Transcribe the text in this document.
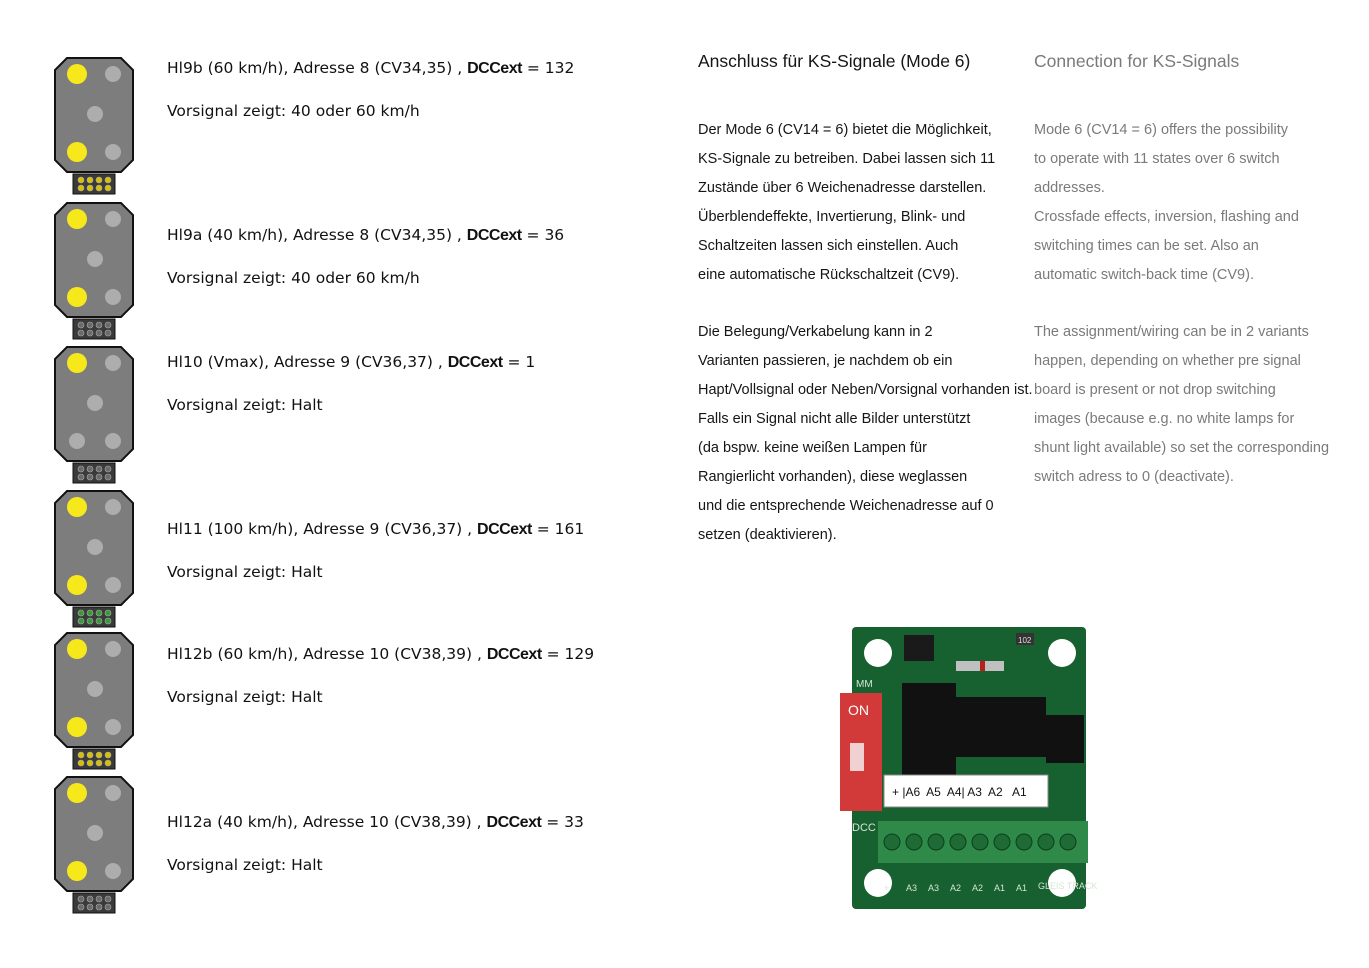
Hl9b (60 km/h), Adresse 8 (CV34,35) , DCCext = 132
Vorsignal zeigt: 40 oder 60 km/h
Hl9a (40 km/h), Adresse 8 (CV34,35) , DCCext = 36
Vorsignal zeigt: 40 oder 60 km/h
Hl10 (Vmax), Adresse 9 (CV36,37) , DCCext = 1
Vorsignal zeigt: Halt
Hl11 (100 km/h), Adresse 9 (CV36,37) , DCCext = 161
Vorsignal zeigt: Halt
Hl12b (60 km/h), Adresse 10 (CV38,39) , DCCext = 129
Vorsignal zeigt: Halt
Hl12a (40 km/h), Adresse 10 (CV38,39) , DCCext = 33
Vorsignal zeigt: Halt
Anschluss für KS-Signale (Mode 6)

Der Mode 6 (CV14 = 6) bietet die Möglichkeit,

KS-Signale zu betreiben. Dabei lassen sich 11

Zustände über 6 Weichenadresse darstellen.

Überblendeffekte, Invertierung, Blink- und

Schaltzeiten lassen sich einstellen. Auch

eine automatische Rückschaltzeit (CV9).

Die Belegung/Verkabelung kann in 2

Varianten passieren, je nachdem ob ein

Hapt/Vollsignal oder Neben/Vorsignal vorhanden ist.

Falls ein Signal nicht alle Bilder unterstützt

(da bspw. keine weißen Lampen für

Rangierlicht vorhanden), diese weglassen

und die entsprechende Weichenadresse auf 0

setzen (deaktivieren).

Connection for KS-Signals

Mode 6 (CV14 = 6) offers the possibility

to operate with 11 states over 6 switch

addresses.

Crossfade effects, inversion, flashing and

switching times can be set. Also an

automatic switch-back time (CV9).

The assignment/wiring can be in 2 variants

happen, depending on whether pre signal

board is present or not drop switching

images (because e.g. no white lamps for

shunt light available) so set the corresponding

switch adress to 0 (deactivate).

102
MM
ON
+ |A6  A5  A4| A3  A2   A1
DCC
+ A3 A3 A2 A2 A1 A1 GLEIS TRACK
